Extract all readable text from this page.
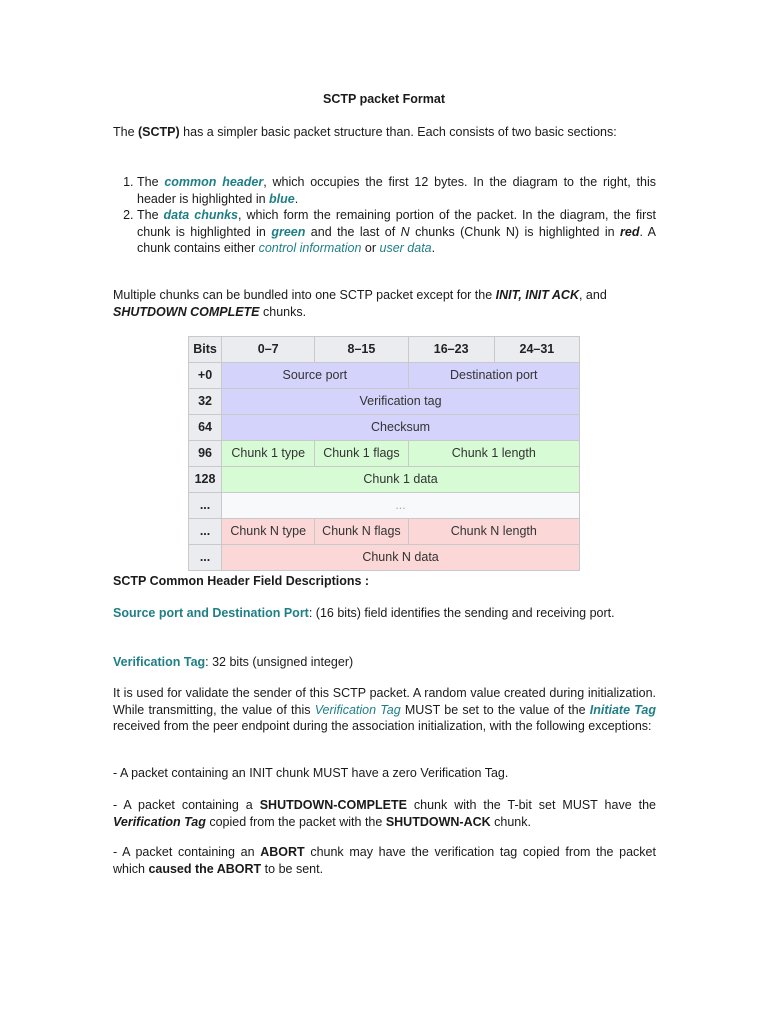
SCTP packet Format
The (SCTP) has a simpler basic packet structure than. Each consists of two basic sections:
1. The common header, which occupies the first 12 bytes. In the diagram to the right, this header is highlighted in blue.
2. The data chunks, which form the remaining portion of the packet. In the diagram, the first chunk is highlighted in green and the last of N chunks (Chunk N) is highlighted in red. A chunk contains either control information or user data.
Multiple chunks can be bundled into one SCTP packet except for the INIT, INIT ACK, and SHUTDOWN COMPLETE chunks.
Bits	0–7	8–15	16–23	24–31
+0	Source port		Destination port	
32	Verification tag			
64	Checksum			
96	Chunk 1 type	Chunk 1 flags	Chunk 1 length	
128	Chunk 1 data			
...	...			
...	Chunk N type	Chunk N flags	Chunk N length	
...	Chunk N data			
SCTP Common Header Field Descriptions :
Source port and Destination Port: (16 bits) field identifies the sending and receiving port.
Verification Tag: 32 bits (unsigned integer)
It is used for validate the sender of this SCTP packet. A random value created during initialization. While transmitting, the value of this Verification Tag MUST be set to the value of the Initiate Tag received from the peer endpoint during the association initialization, with the following exceptions:
- A packet containing an INIT chunk MUST have a zero Verification Tag.
- A packet containing a SHUTDOWN-COMPLETE chunk with the T-bit set MUST have the Verification Tag copied from the packet with the SHUTDOWN-ACK chunk.
- A packet containing an ABORT chunk may have the verification tag copied from the packet which caused the ABORT to be sent.
